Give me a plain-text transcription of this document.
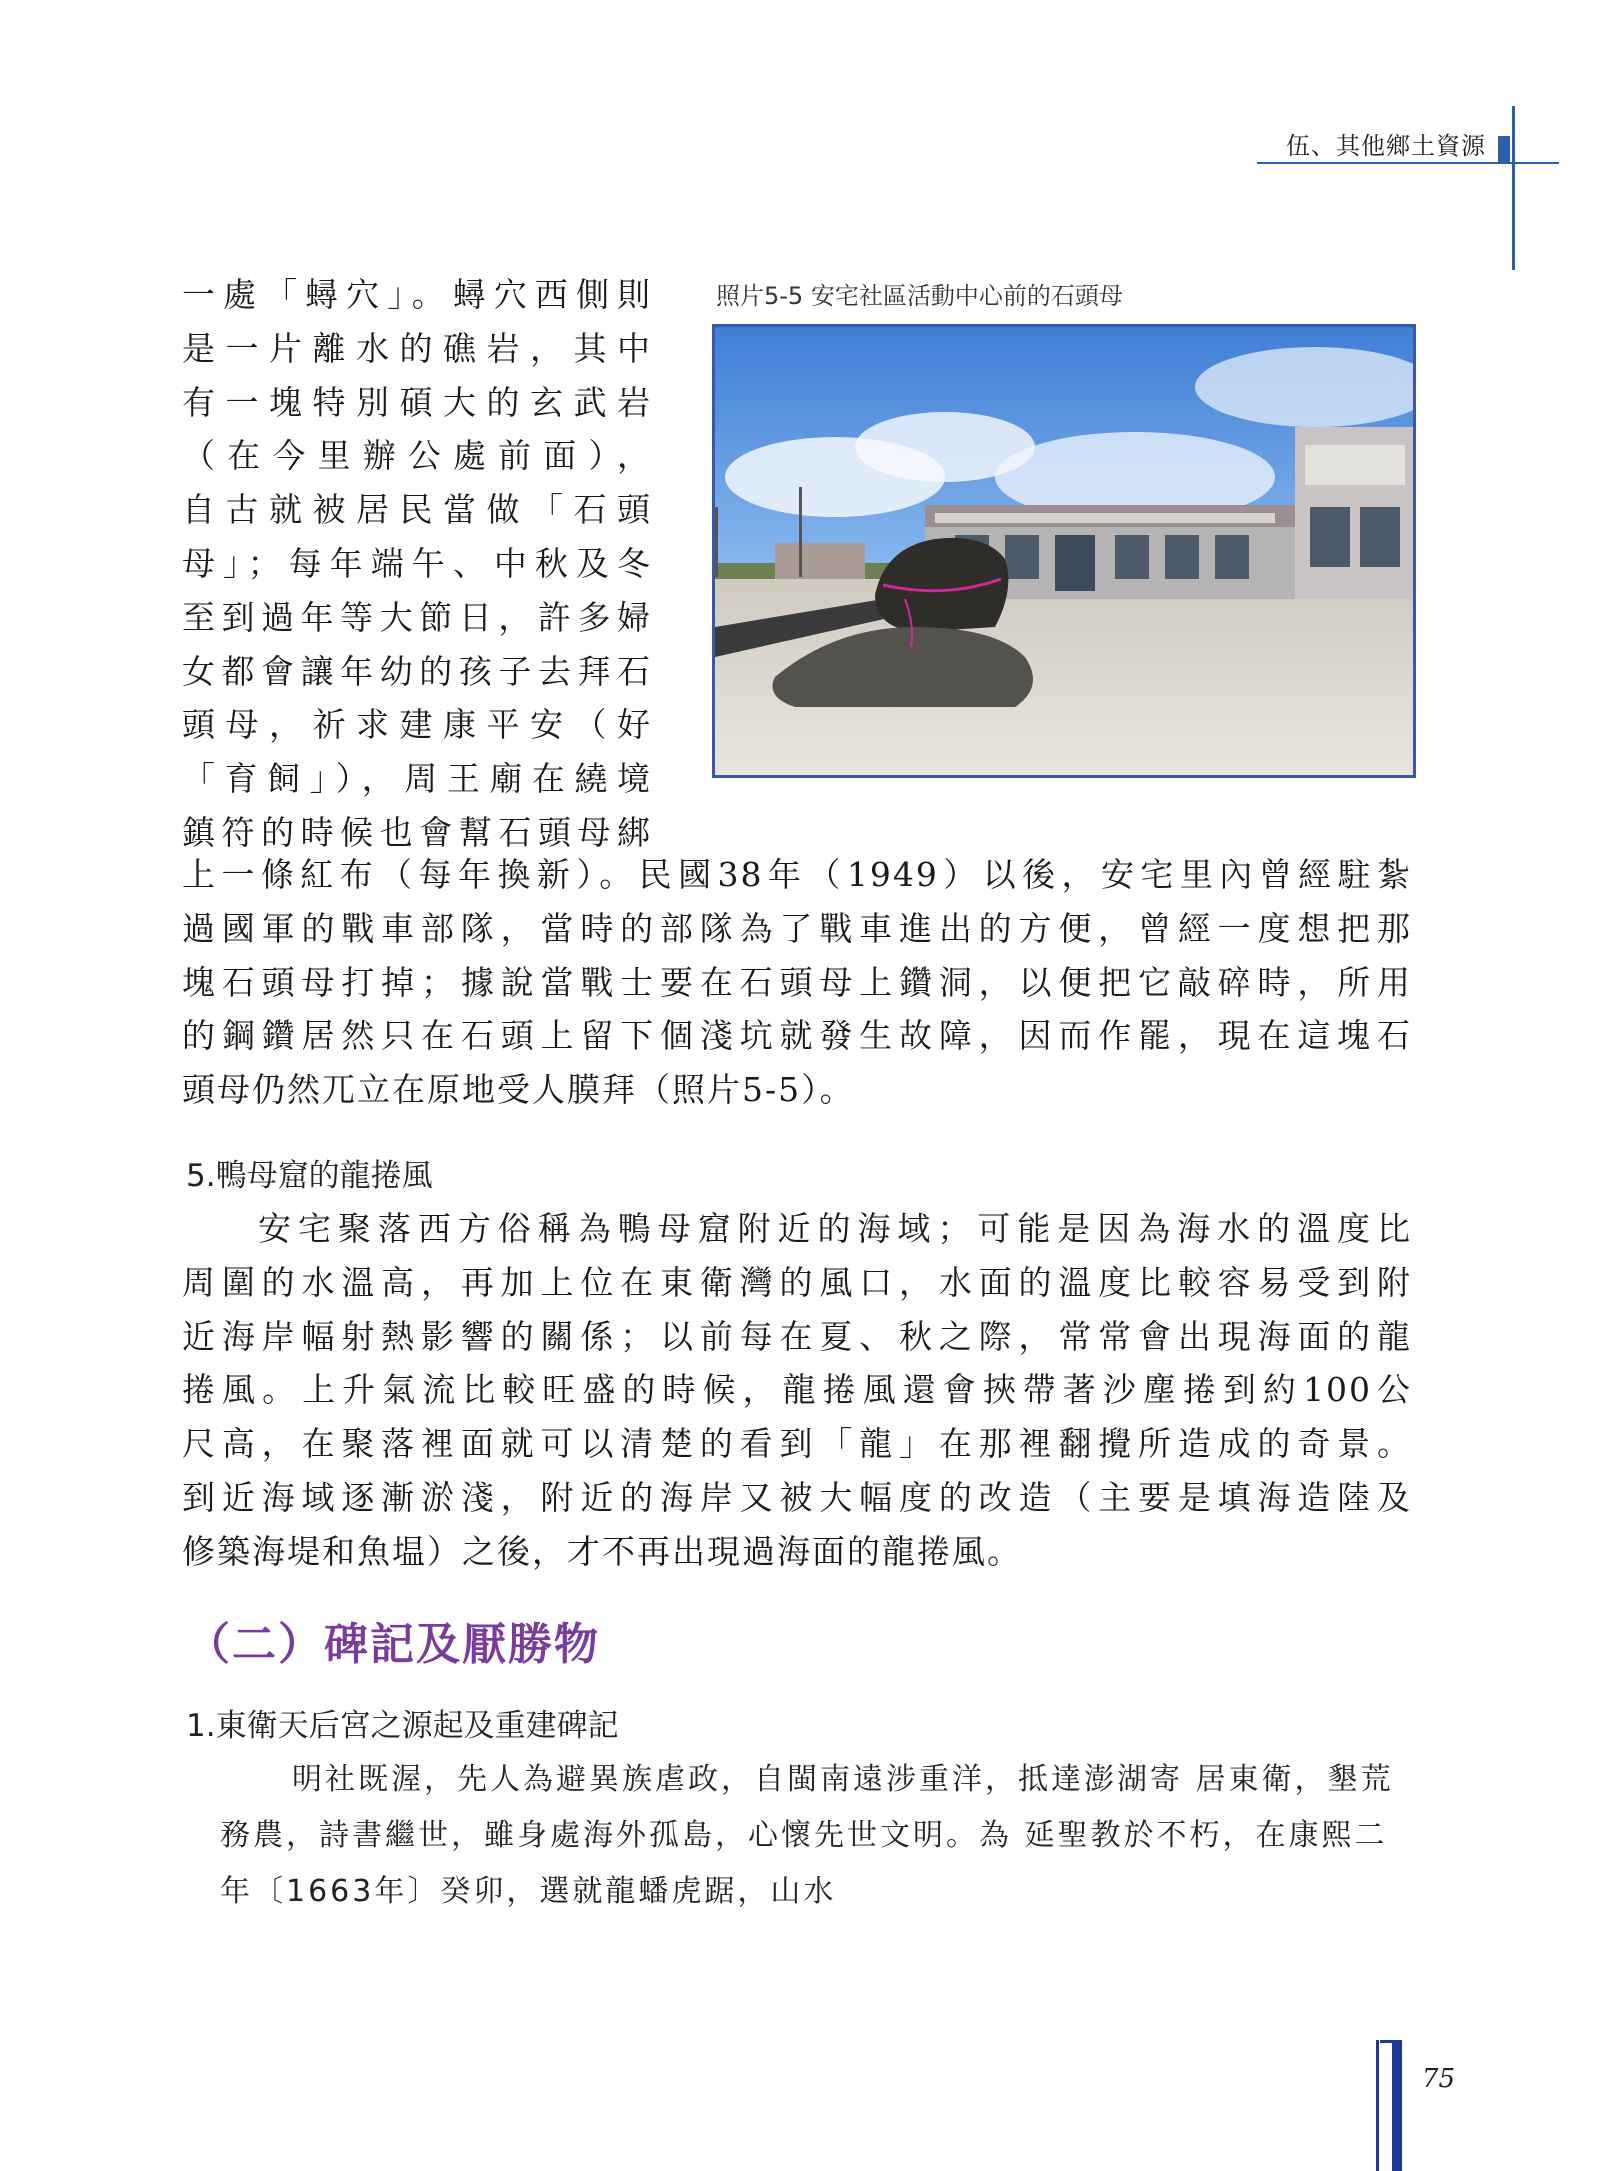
伍、其他鄉土資源
照片5-5 安宅社區活動中心前的石頭母
一處「蟳穴」。蟳穴西側則
是一片離水的礁岩，其中
有一塊特別碩大的玄武岩
（在今里辦公處前面），
自古就被居民當做「石頭
母」；每年端午、中秋及冬
至到過年等大節日，許多婦
女都會讓年幼的孩子去拜石
頭母，祈求建康平安（好
「育飼」），周王廟在繞境
鎮符的時候也會幫石頭母綁
上一條紅布（每年換新）。民國38年（1949）以後，安宅里內曾經駐紮
過國軍的戰車部隊，當時的部隊為了戰車進出的方便，曾經一度想把那
塊石頭母打掉；據說當戰士要在石頭母上鑽洞，以便把它敲碎時，所用
的鋼鑽居然只在石頭上留下個淺坑就發生故障，因而作罷，現在這塊石
頭母仍然兀立在原地受人膜拜（照片5-5）。
5.鴨母窟的龍捲風
安宅聚落西方俗稱為鴨母窟附近的海域；可能是因為海水的溫度比
周圍的水溫高，再加上位在東衛灣的風口，水面的溫度比較容易受到附
近海岸幅射熱影響的關係；以前每在夏、秋之際，常常會出現海面的龍
捲風。上升氣流比較旺盛的時候，龍捲風還會挾帶著沙塵捲到約100公
尺高，在聚落裡面就可以清楚的看到「龍」在那裡翻攪所造成的奇景。
到近海域逐漸淤淺，附近的海岸又被大幅度的改造（主要是填海造陸及
修築海堤和魚塭）之後，才不再出現過海面的龍捲風。
（二）碑記及厭勝物
1.東衛天后宮之源起及重建碑記
明社既渥，先人為避異族虐政，自閩南遠涉重洋，抵達澎湖寄 居東衛，墾荒務農，詩書繼世，雖身處海外孤島，心懷先世文明。為 延聖教於不朽，在康熙二年〔1663年〕癸卯，選就龍蟠虎踞，山水
75
